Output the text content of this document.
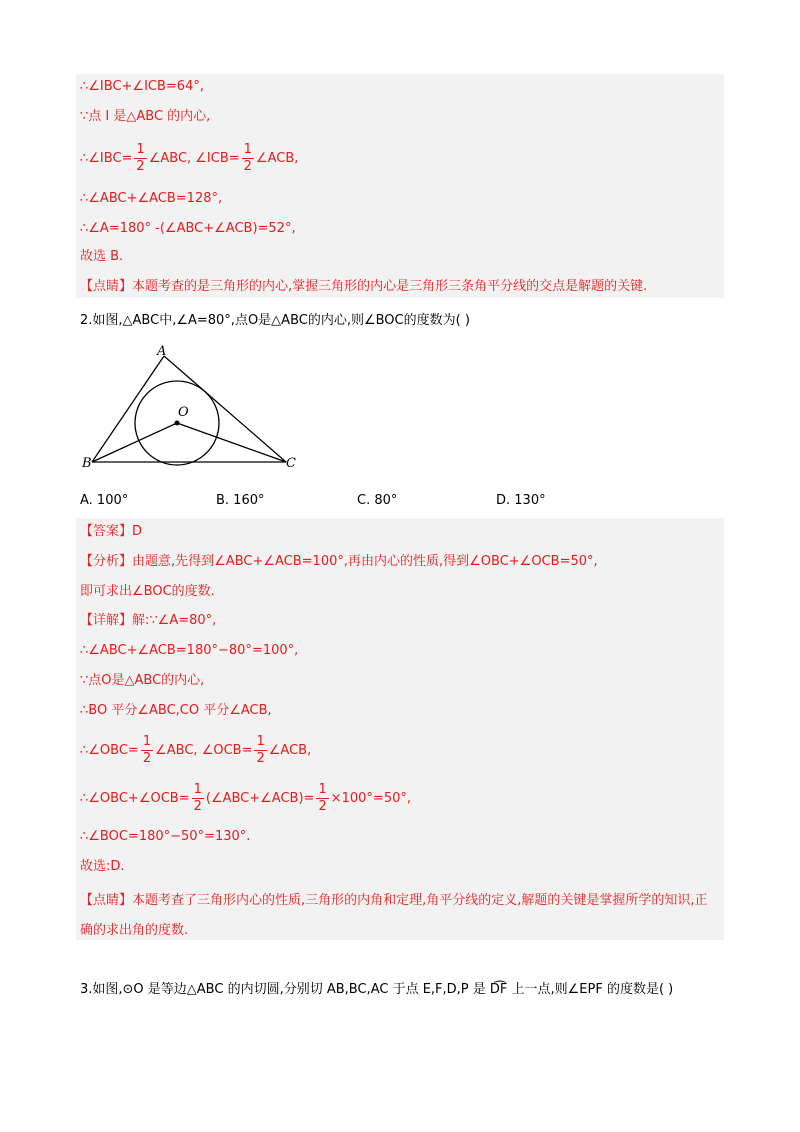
∴∠IBC+∠ICB=64°,
∵点 I 是△ABC 的内心,
∴∠IBC= $\frac{1}{2}$ ∠ABC, ∠ICB= $\frac{1}{2}$ ∠ACB,
∴∠ABC+∠ACB=128°,
∴∠A=180° -(∠ABC+∠ACB)=52°,
故选 B.
【点睛】本题考查的是三角形的内心,掌握三角形的内心是三角形三条角平分线的交点是解题的关键.
2.如图,△ABC中,∠A=80°,点O是△ABC的内心,则∠BOC的度数为( )
A
B	C
O
A. 100°	B. 160°	C. 80°	D. 130°
【答案】D
【分析】由题意,先得到∠ABC+∠ACB=100°,再由内心的性质,得到∠OBC+∠OCB=50°,
即可求出∠BOC的度数.
【详解】解:∵∠A=80°,
∴∠ABC+∠ACB=180°−80°=100°,
∵点O是△ABC的内心,
∴BO 平分∠ABC,CO 平分∠ACB,
∴∠OBC= $\frac{1}{2}$ ∠ABC, ∠OCB= $\frac{1}{2}$ ∠ACB,
∴∠OBC+∠OCB= $\frac{1}{2}$ (∠ABC+∠ACB)= $\frac{1}{2} \times 100^\circ=50^\circ$,
∴∠BOC=180°−50°=130°.
故选:D.
【点睛】本题考查了三角形内心的性质,三角形的内角和定理,角平分线的定义,解题的关键是掌握所学的知识,正确的求出角的度数.
3.如图,⊙O 是等边△ABC 的内切圆,分别切 AB,BC,AC 于点 E,F,D,P 是 D͡F 上一点,则∠EPF 的度数是( )
